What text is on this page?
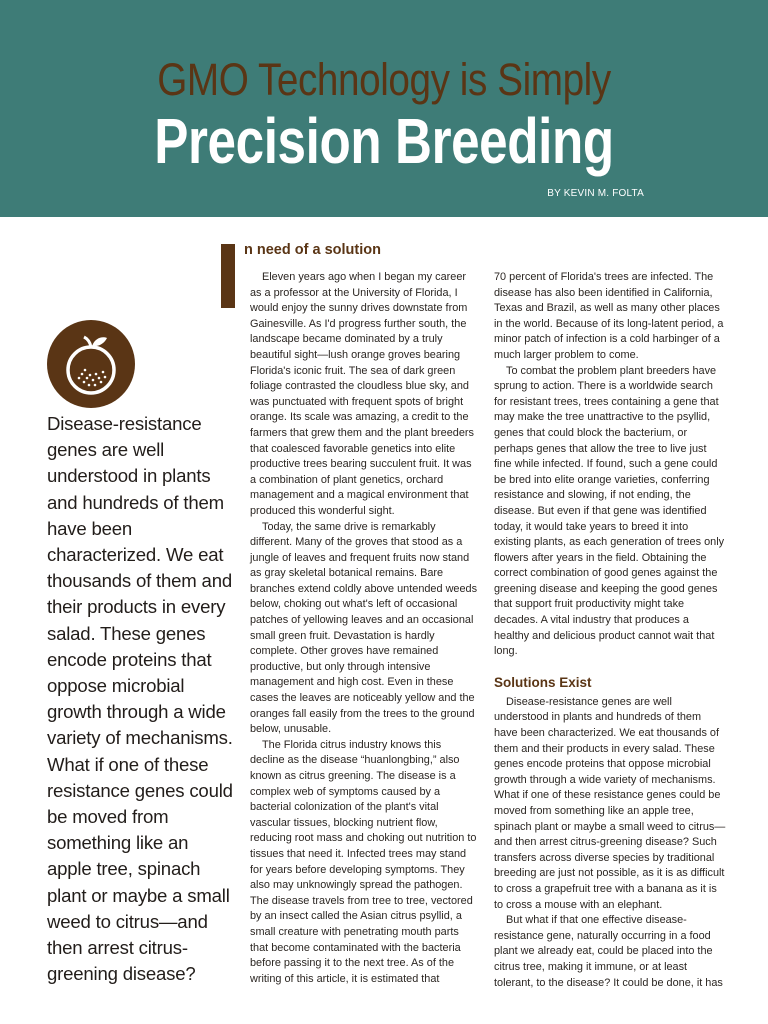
GMO Technology is Simply
Precision Breeding
BY KEVIN M. FOLTA
Disease-resistance genes are well understood in plants and hundreds of them have been characterized. We eat thousands of them and their products in every salad. These genes encode proteins that oppose microbial growth through a wide variety of mechanisms. What if one of these resistance genes could be moved from something like an apple tree, spinach plant or maybe a small weed to citrus—and then arrest citrus-greening disease?
n need of a solution

Eleven years ago when I began my career as a professor at the University of Florida, I would enjoy the sunny drives downstate from Gainesville. As I'd progress further south, the landscape became dominated by a truly beautiful sight—lush orange groves bearing Florida's iconic fruit. The sea of dark green foliage contrasted the cloudless blue sky, and was punctuated with frequent spots of bright orange. Its scale was amazing, a credit to the farmers that grew them and the plant breeders that coalesced favorable genetics into elite productive trees bearing succulent fruit. It was a combination of plant genetics, orchard management and a magical environment that produced this wonderful sight.

Today, the same drive is remarkably different. Many of the groves that stood as a jungle of leaves and frequent fruits now stand as gray skeletal botanical remains. Bare branches extend coldly above untended weeds below, choking out what's left of occasional patches of yellowing leaves and an occasional small green fruit. Devastation is hardly complete. Other groves have remained productive, but only through intensive management and high cost. Even in these cases the leaves are noticeably yellow and the oranges fall easily from the trees to the ground below, unusable.

The Florida citrus industry knows this decline as the disease “huanlongbing,” also known as citrus greening. The disease is a complex web of symptoms caused by a bacterial colonization of the plant's vital vascular tissues, blocking nutrient flow, reducing root mass and choking out nutrition to tissues that need it. Infected trees may stand for years before developing symptoms. They also may unknowingly spread the pathogen. The disease travels from tree to tree, vectored by an insect called the Asian citrus psyllid, a small creature with penetrating mouth parts that become contaminated with the bacteria before passing it to the next tree. As of the writing of this article, it is estimated that

70 percent of Florida's trees are infected. The disease has also been identified in California, Texas and Brazil, as well as many other places in the world. Because of its long-latent period, a minor patch of infection is a cold harbinger of a much larger problem to come.

To combat the problem plant breeders have sprung to action. There is a worldwide search for resistant trees, trees containing a gene that may make the tree unattractive to the psyllid, genes that could block the bacterium, or perhaps genes that allow the tree to live just fine while infected. If found, such a gene could be bred into elite orange varieties, conferring resistance and slowing, if not ending, the disease. But even if that gene was identified today, it would take years to breed it into existing plants, as each generation of trees only flowers after years in the field. Obtaining the correct combination of good genes against the greening disease and keeping the good genes that support fruit productivity might take decades. A vital industry that produces a healthy and delicious product cannot wait that long.

Solutions Exist

Disease-resistance genes are well understood in plants and hundreds of them have been characterized. We eat thousands of them and their products in every salad. These genes encode proteins that oppose microbial growth through a wide variety of mechanisms. What if one of these resistance genes could be moved from something like an apple tree, spinach plant or maybe a small weed to citrus—and then arrest citrus-greening disease? Such transfers across diverse species by traditional breeding are just not possible, as it is as difficult to cross a grapefruit tree with a banana as it is to cross a mouse with an elephant.

But what if that one effective disease-resistance gene, naturally occurring in a food plant we already eat, could be placed into the citrus tree, making it immune, or at least tolerant, to the disease? It could be done, it has
